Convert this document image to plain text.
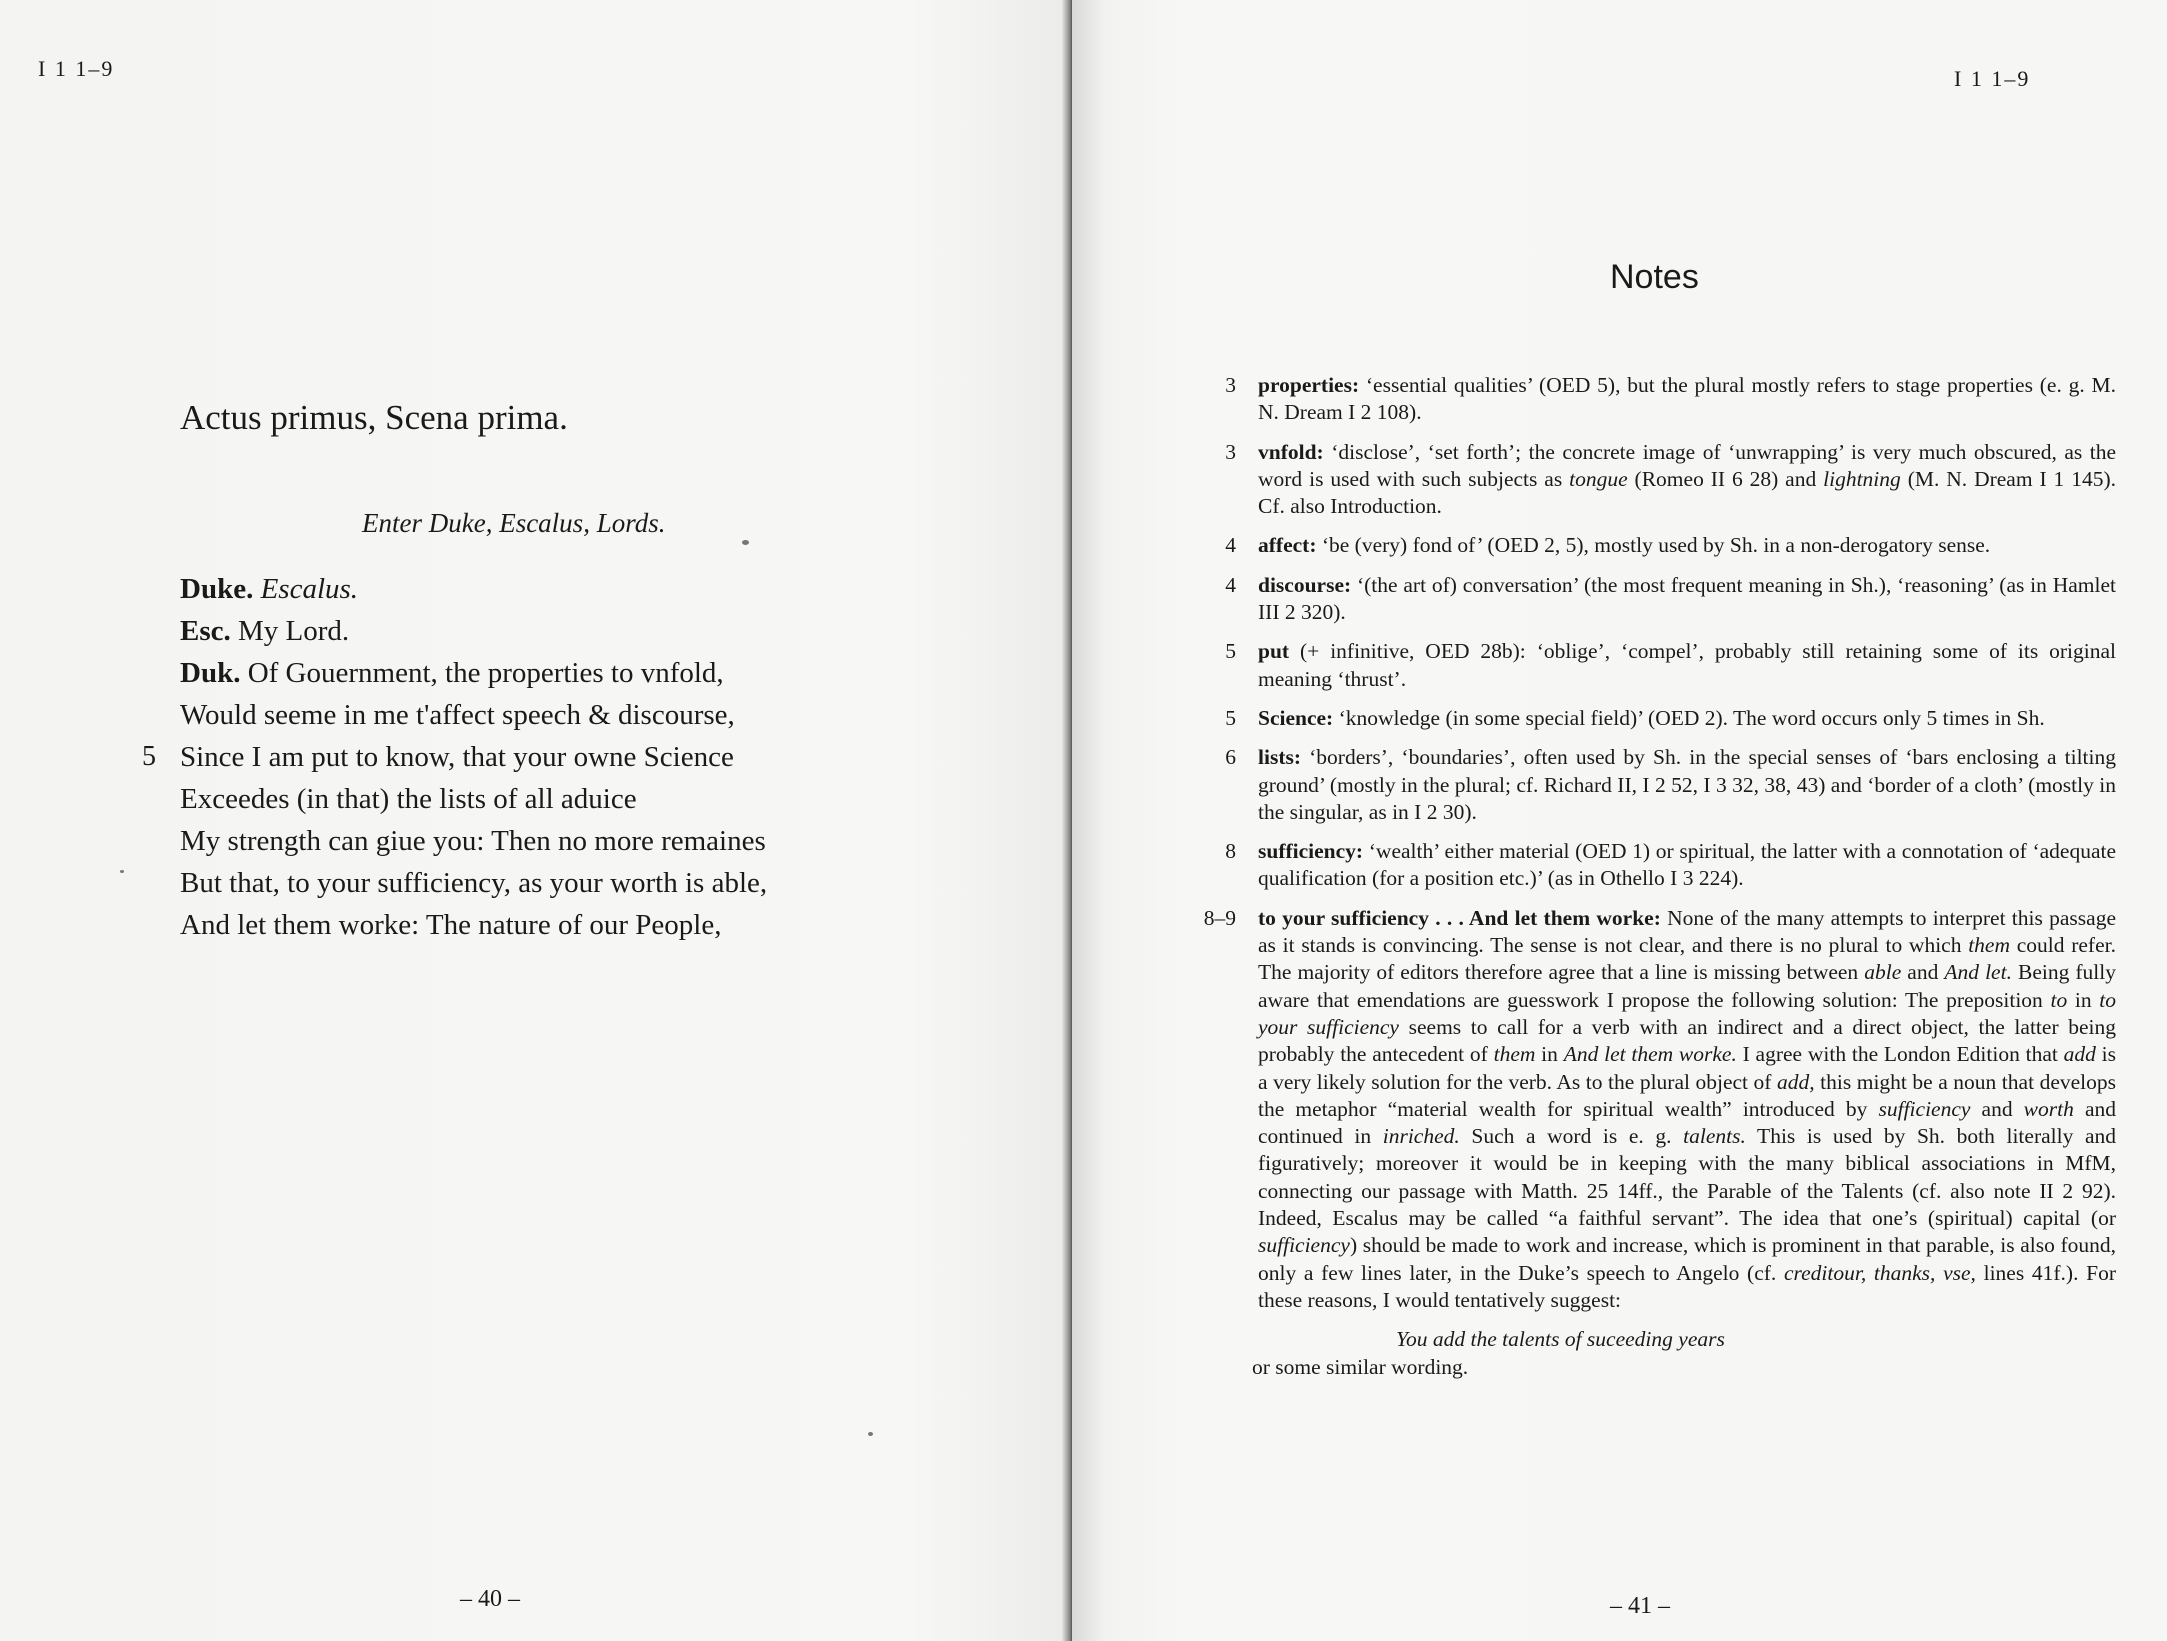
I 1 1–9
Actus primus, Scena prima.
Enter Duke, Escalus, Lords.
Duke. Escalus.
Esc. My Lord.
Duk. Of Gouernment, the properties to vnfold,
Would seeme in me t'affect speech & discourse,
5 Since I am put to know, that your owne Science
Exceedes (in that) the lists of all aduice
My strength can giue you: Then no more remaines
But that, to your sufficiency, as your worth is able,
And let them worke: The nature of our People,
– 40 –
I 1 1–9
Notes
3 properties: ‘essential qualities’ (OED 5), but the plural mostly refers to stage properties (e. g. M. N. Dream I 2 108).
3 vnfold: ‘disclose’, ‘set forth’; the concrete image of ‘unwrapping’ is very much obscured, as the word is used with such subjects as tongue (Romeo II 6 28) and lightning (M. N. Dream I 1 145). Cf. also Introduction.
4 affect: ‘be (very) fond of’ (OED 2, 5), mostly used by Sh. in a non-derogatory sense.
4 discourse: ‘(the art of) conversation’ (the most frequent meaning in Sh.), ‘reasoning’ (as in Hamlet III 2 320).
5 put (+ infinitive, OED 28b): ‘oblige’, ‘compel’, probably still retaining some of its original meaning ‘thrust’.
5 Science: ‘knowledge (in some special field)’ (OED 2). The word occurs only 5 times in Sh.
6 lists: ‘borders’, ‘boundaries’, often used by Sh. in the special senses of ‘bars enclosing a tilting ground’ (mostly in the plural; cf. Richard II, I 2 52, I 3 32, 38, 43) and ‘border of a cloth’ (mostly in the singular, as in I 2 30).
8 sufficiency: ‘wealth’ either material (OED 1) or spiritual, the latter with a connotation of ‘adequate qualification (for a position etc.)’ (as in Othello I 3 224).
8–9 to your sufficiency . . . And let them worke: None of the many attempts to interpret this passage as it stands is convincing. The sense is not clear, and there is no plural to which them could refer. The majority of editors therefore agree that a line is missing between able and And let. Being fully aware that emendations are guesswork I propose the following solution: The preposition to in to your sufficiency seems to call for a verb with an indirect and a direct object, the latter being probably the antecedent of them in And let them worke. I agree with the London Edition that add is a very likely solution for the verb. As to the plural object of add, this might be a noun that develops the metaphor “material wealth for spiritual wealth” introduced by sufficiency and worth and continued in inriched. Such a word is e. g. talents. This is used by Sh. both literally and figuratively; moreover it would be in keeping with the many biblical associations in MfM, connecting our passage with Matth. 25 14ff., the Parable of the Talents (cf. also note II 2 92). Indeed, Escalus may be called “a faithful servant”. The idea that one’s (spiritual) capital (or sufficiency) should be made to work and increase, which is prominent in that parable, is also found, only a few lines later, in the Duke’s speech to Angelo (cf. creditour, thanks, vse, lines 41f.). For these reasons, I would tentatively suggest:
You add the talents of suceeding years
or some similar wording.
– 41 –
